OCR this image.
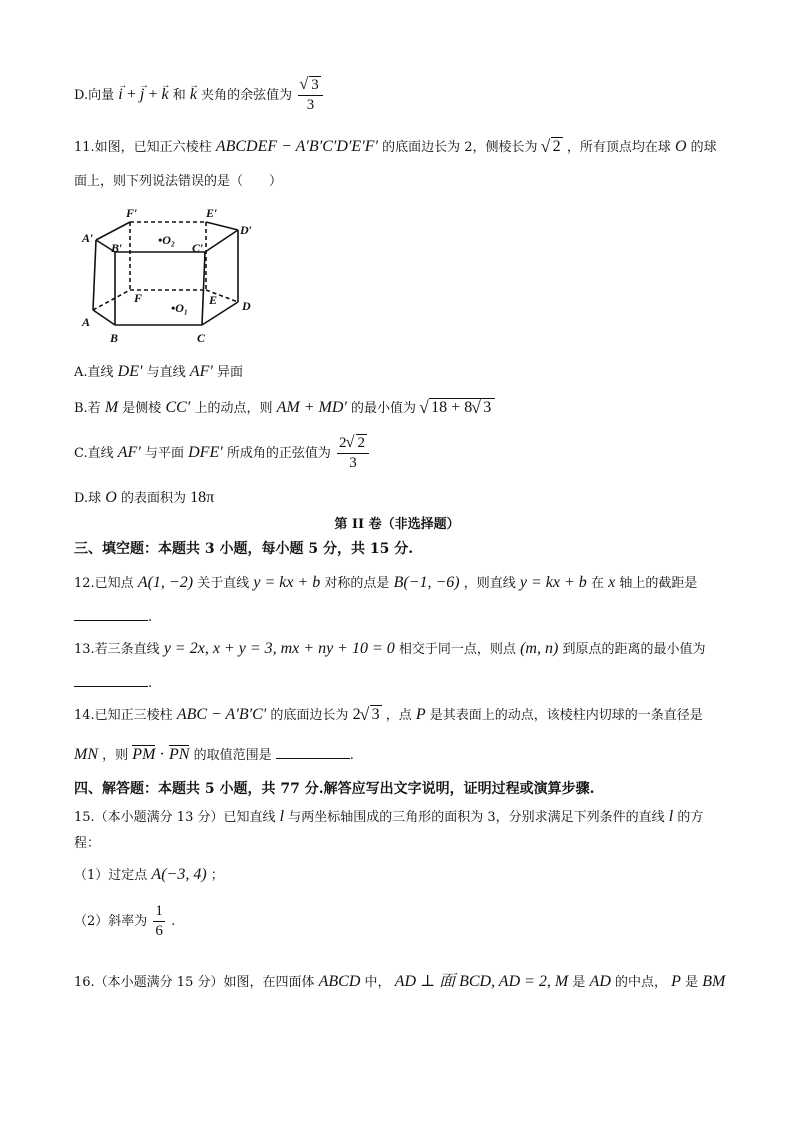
D.向量 → i + → j + → k 和 → k 夹角的余弦值为 √ $\frac{3}{3}$
11.如图，已知正六棱柱 ABCDEF − A′B′C′D′E′F′ 的底面边长为 2，侧棱长为 √ 2 ，所有顶点均在球 O 的球
面上，则下列说法错误的是（　　）
F′	E′
A′
B′
•O₂
C′
D′
F
•O₁
E
A
B	C
D
A.直线 DE′ 与直线 AF′ 异面
B.若 M 是侧棱 CC′ 上的动点，则 AM + MD′ 的最小值为 √ 18 + 8 √ 3
C.直线 AF′ 与平面 DFE′ 所成角的正弦值为 $\frac{2 √ 2}{3}$
D.球 O 的表面积为 18π
第 II 卷（非选择题）
三、填空题：本题共 3 小题，每小题 5 分，共 15 分.
12.已知点 A(1, −2) 关于直线 y = kx + b 对称的点是 B(−1, −6) ，则直线 y = kx + b 在 x 轴上的截距是
.
13.若三条直线 y = 2x, x + y = 3, mx + ny + 10 = 0 相交于同一点，则点 (m, n) 到原点的距离的最小值为
.
14.已知正三棱柱 ABC − A′B′C′ 的底面边长为 2 √ 3 ，点 P 是其表面上的动点，该棱柱内切球的一条直径是
MN ，则 PM · PN 的取值范围是	.
四、解答题：本题共 5 小题，共 77 分.解答应写出文字说明，证明过程或演算步骤.
15.（本小题满分 13 分）已知直线 l 与两坐标轴围成的三角形的面积为 3，分别求满足下列条件的直线 l 的方
程：
（1）过定点 A(−3, 4) ；
（2）斜率为 $\frac{1}{6}$ .
16.（本小题满分 15 分）如图，在四面体 ABCD 中， AD ⊥ 面 BCD, AD = 2, M 是 AD 的中点， P 是 BM
